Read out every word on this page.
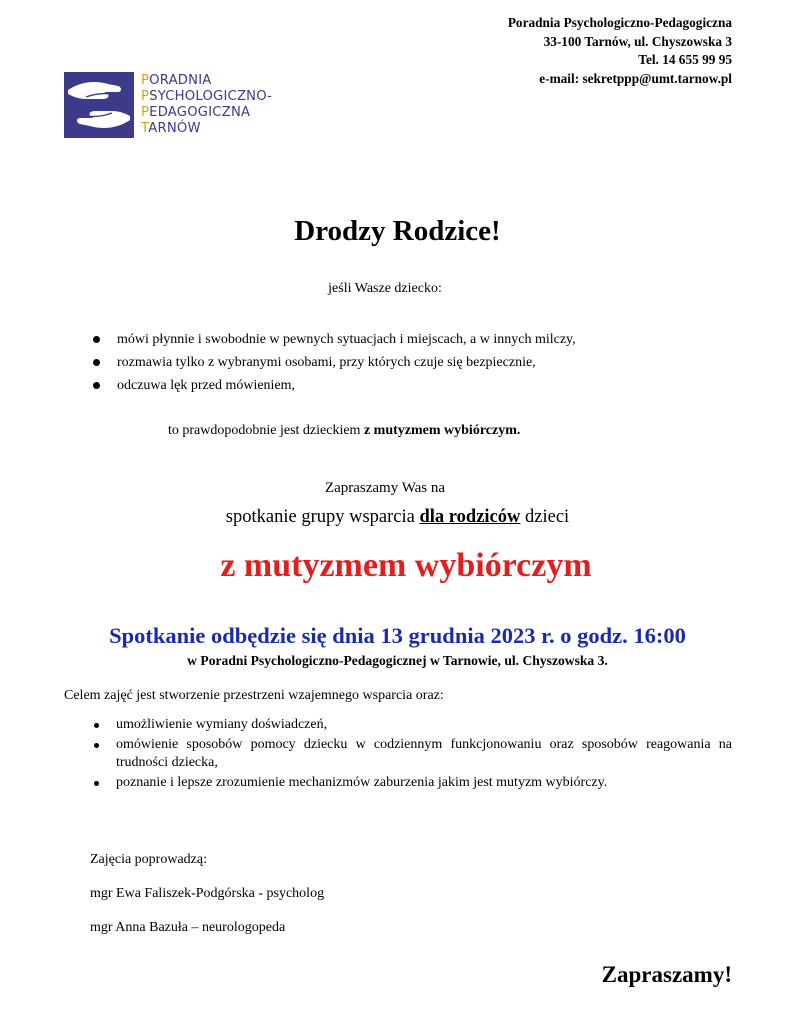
Poradnia Psychologiczno-Pedagogiczna
33-100 Tarnów, ul. Chyszowska 3
Tel. 14 655 99 95
e-mail: sekretppp@umt.tarnow.pl
PORADNIA
PSYCHOLOGICZNO-
PEDAGOGICZNA
TARNÓW
Drodzy Rodzice!
jeśli Wasze dziecko:
mówi płynnie i swobodnie w pewnych sytuacjach i miejscach, a w innych milczy,
rozmawia tylko z wybranymi osobami, przy których czuje się bezpiecznie,
odczuwa lęk przed mówieniem,
to prawdopodobnie jest dzieckiem z mutyzmem wybiórczym.
Zapraszamy Was na
spotkanie grupy wsparcia dla rodziców dzieci
z mutyzmem wybiórczym
Spotkanie odbędzie się dnia 13 grudnia 2023 r. o godz. 16:00
w Poradni Psychologiczno-Pedagogicznej w Tarnowie, ul. Chyszowska 3.
Celem zajęć jest stworzenie przestrzeni wzajemnego wsparcia oraz:
umożliwienie wymiany doświadczeń,
omówienie sposobów pomocy dziecku w codziennym funkcjonowaniu oraz sposobów reagowania na trudności dziecka,
poznanie i lepsze zrozumienie mechanizmów zaburzenia jakim jest mutyzm wybiórczy.
Zajęcia poprowadzą:
mgr Ewa Faliszek-Podgórska - psycholog
mgr Anna Bazuła – neurologopeda
Zapraszamy!
